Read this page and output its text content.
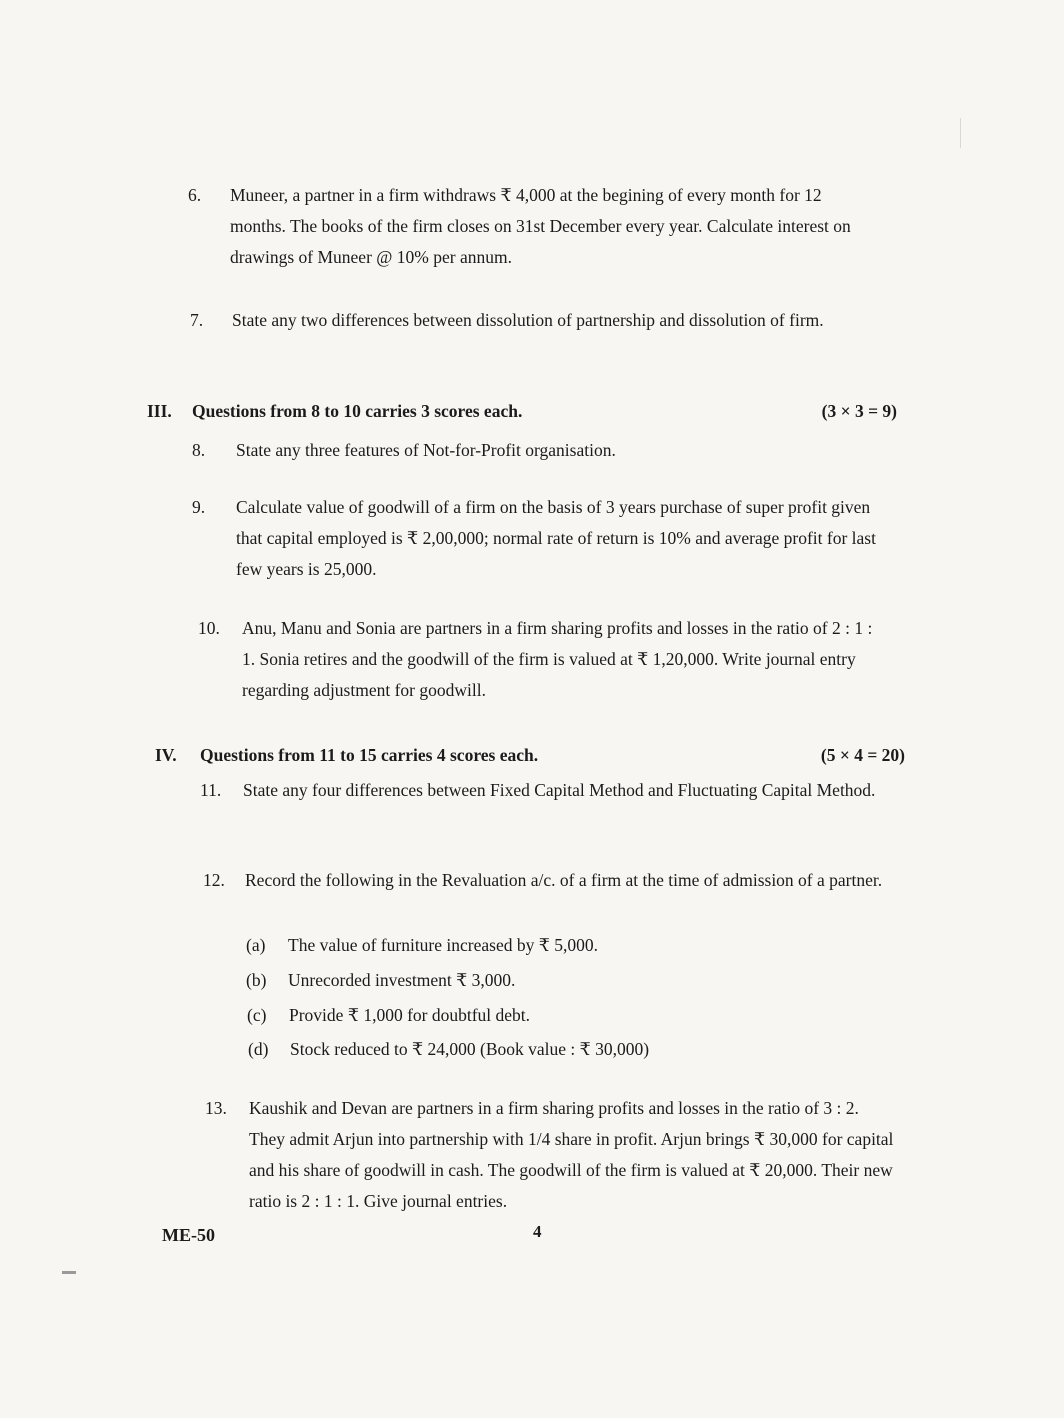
6. Muneer, a partner in a firm withdraws ₹ 4,000 at the begining of every month for 12 months. The books of the firm closes on 31st December every year. Calculate interest on drawings of Muneer @ 10% per annum.

7. State any two differences between dissolution of partnership and dissolution of firm.

III. Questions from 8 to 10 carries 3 scores each.	(3 × 3 = 9)
8. State any three features of Not-for-Profit organisation.

9. Calculate value of goodwill of a firm on the basis of 3 years purchase of super profit given that capital employed is ₹ 2,00,000; normal rate of return is 10% and average profit for last few years is 25,000.

10. Anu, Manu and Sonia are partners in a firm sharing profits and losses in the ratio of 2 : 1 : 1. Sonia retires and the goodwill of the firm is valued at ₹ 1,20,000. Write journal entry regarding adjustment for goodwill.

IV. Questions from 11 to 15 carries 4 scores each.	(5 × 4 = 20)
11. State any four differences between Fixed Capital Method and Fluctuating Capital Method.

12. Record the following in the Revaluation a/c. of a firm at the time of admission of a partner.

(a) The value of furniture increased by ₹ 5,000.
(b) Unrecorded investment ₹ 3,000.
(c) Provide ₹ 1,000 for doubtful debt.
(d) Stock reduced to ₹ 24,000 (Book value : ₹ 30,000)
13. Kaushik and Devan are partners in a firm sharing profits and losses in the ratio of 3 : 2. They admit Arjun into partnership with 1/4 share in profit. Arjun brings ₹ 30,000 for capital and his share of goodwill in cash. The goodwill of the firm is valued at ₹ 20,000. Their new ratio is 2 : 1 : 1. Give journal entries.

ME-50	4
